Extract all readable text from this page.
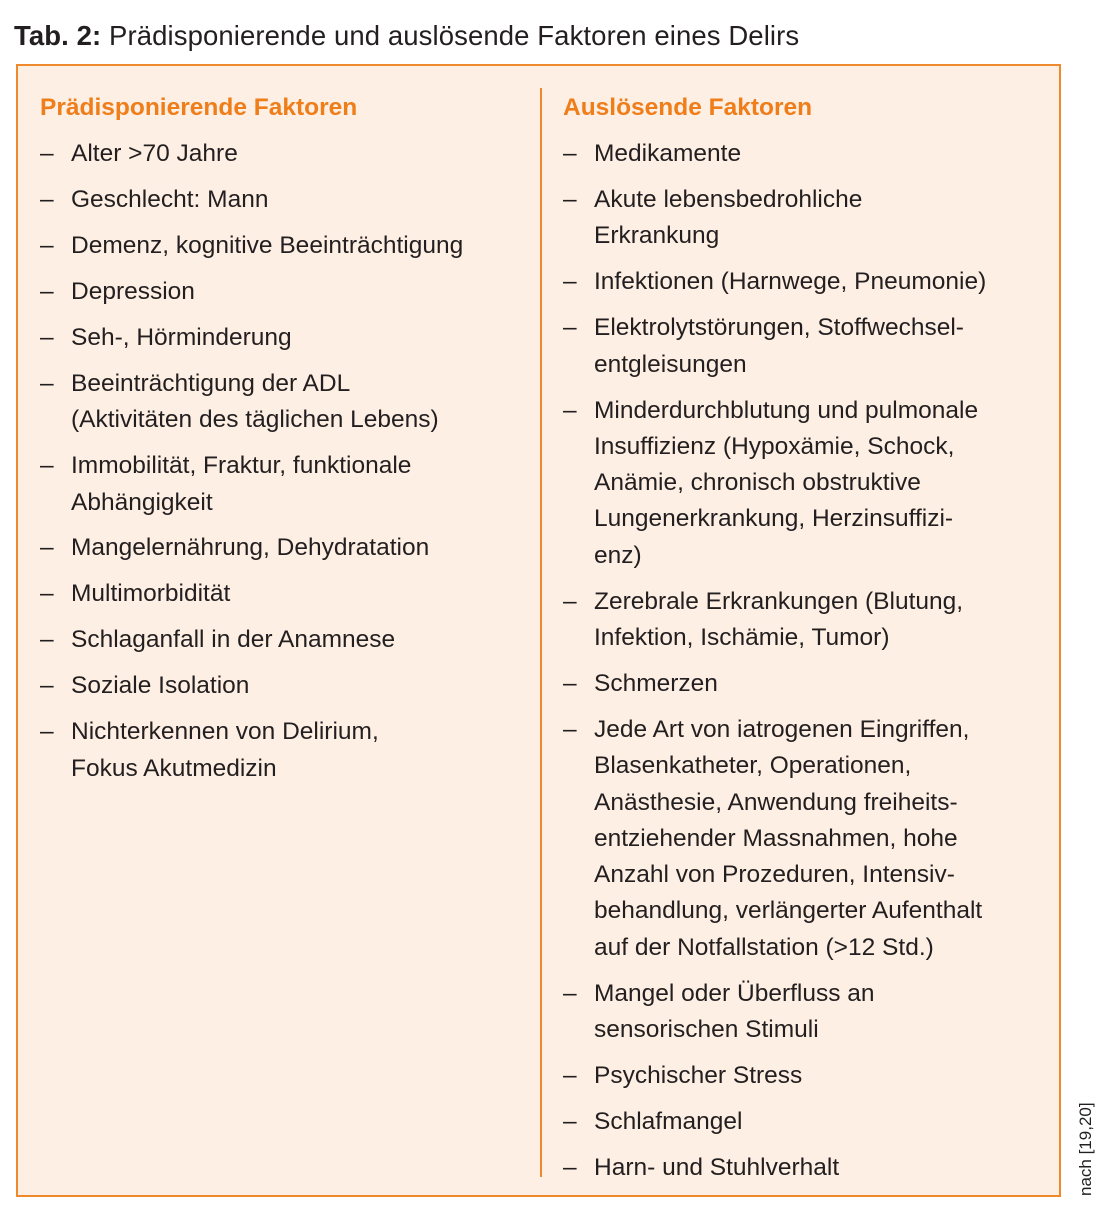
Tab. 2: Prädisponierende und auslösende Faktoren eines Delirs
Prädisponierende Faktoren
– Alter >70 Jahre
– Geschlecht: Mann
– Demenz, kognitive Beeinträchtigung
– Depression
– Seh-, Hörminderung
– Beeinträchtigung der ADL
(Aktivitäten des täglichen Lebens)
– Immobilität, Fraktur, funktionale
Abhängigkeit
– Mangelernährung, Dehydratation
– Multimorbidität
– Schlaganfall in der Anamnese
– Soziale Isolation
– Nichterkennen von Delirium,
Fokus Akutmedizin
Auslösende Faktoren
– Medikamente
– Akute lebensbedrohliche
Erkrankung
– Infektionen (Harnwege, Pneumonie)
– Elektrolytstörungen, Stoffwechsel-
entgleisungen
– Minderdurchblutung und pulmonale
Insuffizienz (Hypoxämie, Schock,
Anämie, chronisch obstruktive
Lungenerkrankung, Herzinsuffizi-
enz)
– Zerebrale Erkrankungen (Blutung,
Infektion, Ischämie, Tumor)
– Schmerzen
– Jede Art von iatrogenen Eingriffen,
Blasenkatheter, Operationen,
Anästhesie, Anwendung freiheits-
entziehender Massnahmen, hohe
Anzahl von Prozeduren, Intensiv-
behandlung, verlängerter Aufenthalt
auf der Notfallstation (>12 Std.)
– Mangel oder Überfluss an
sensorischen Stimuli
– Psychischer Stress
– Schlafmangel
– Harn- und Stuhlverhalt	nach [19,20]
